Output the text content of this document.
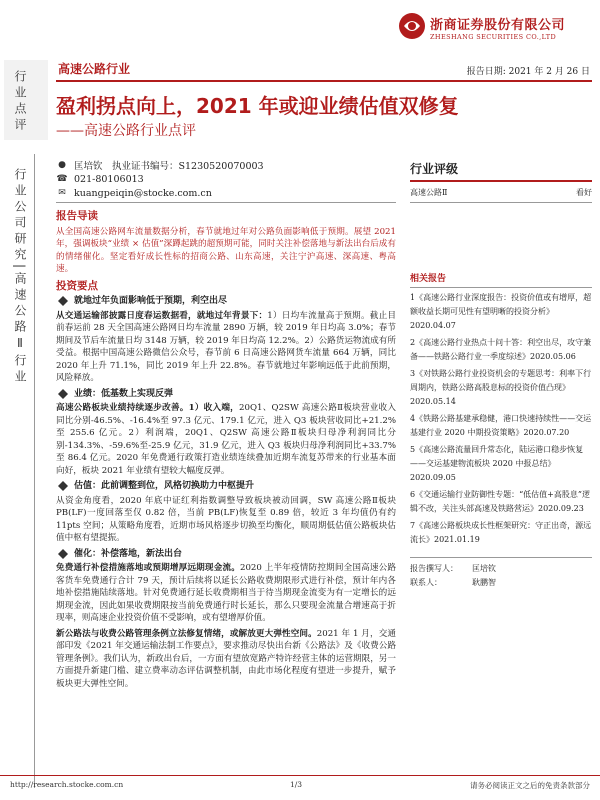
浙商证券股份有限公司
ZHESHANG SECURITIES CO.,LTD
行业点评
行业公司研究|高速公路Ⅱ行业
高速公路行业	报告日期: 2021 年 2 月 26 日
盈利拐点向上，2021 年或迎业绩估值双修复
——高速公路行业点评
● 匡培钦　执业证书编号：S1230520070003
☎ 021-80106013
✉ kuangpeiqin@stocke.com.cn
报告导读
从全国高速公路网车流量数据分析，春节就地过年对公路负面影响低于预期。展望 2021 年，强调板块“业绩 × 估值”深蹲起跳的超预期可能，同时关注补偿落地与新法出台后成有的情绪催化。坚定看好成长性标的招商公路、山东高速，关注宁沪高速、深高速、粤高速。
投资要点
就地过年负面影响低于预期，利空出尽
从交通运输部披露日度春运数据看，就地过年背景下：1）日均车流量高于预期。截止目前春运前 28 天全国高速公路网日均车流量 2890 万辆，较 2019 年日均高 3.0%；春节期间及节后车流量日均 3148 万辆，较 2019 年日均高 12.2%。2）公路货运物流成有所受益。根据中国高速公路微信公众号，春节前 6 日高速公路网货车流量 664 万辆，同比 2020 年上升 71.1%，同比 2019 年上升 22.8%。春节就地过年影响远低于此前预期，风险释放。
业绩：低基数上实现反弹
高速公路板块业绩持续逐步改善。1）收入端，20Q1、Q2SW 高速公路Ⅱ板块营业收入同比分别-46.5%、-16.4%至 97.3 亿元、179.1 亿元，进入 Q3 板块营收同比+21.2%至 255.6 亿元。2）利润端，20Q1、Q2SW 高速公路Ⅱ板块归母净利润同比分别-134.3%、-59.6%至-25.9 亿元，31.9 亿元，进入 Q3 板块归母净利润同比+33.7%至 86.4 亿元。2020 年免费通行政策打造业绩连续叠加近期车流复苏带来的行业基本面向好，板块 2021 年业绩有望较大幅度反弹。
估值：此前调整到位，风格切换助力中枢提升
从资金角度看，2020 年底中证红利指数调整导致板块被动回调，SW 高速公路Ⅱ板块 PB(LF)一度回落至仅 0.82 倍，当前 PB(LF)恢复至 0.89 倍，较近 3 年均值仍有约 11pts 空间；从策略角度看，近期市场风格逐步切换至均衡化，顺周期低估值公路板块估值中枢有望提振。
催化：补偿落地，新法出台
免费通行补偿措施落地或预期增厚远期现金流。2020 上半年疫情防控期间全国高速公路客货车免费通行合计 79 天，预计后续将以延长公路收费期限形式进行补偿，预计年内各地补偿措施陆续落地。针对免费通行延长收费期相当于待当期现金流变为有一定增长的远期现金流，因此如果收费期限按当前免费通行时长延长，那么只要现金流量合增速高于折现率，则高速企业投资价值不受影响，或有望增厚价值。
新公路法与收费公路管理条例立法修复情绪，或解放更大弹性空间。2021 年 1 月，交通部印发《2021 年交通运输法制工作要点》，要求推动尽快出台新《公路法》及《收费公路管理条例》。我们认为，新政出台后，一方面有望放宽路产特许经营主体的运营期限，另一方面提升新建门槛、建立费率动态评估调整机制，由此市场化程度有望进一步提升，赋予板块更大弹性空间。
行业评级
高速公路Ⅱ	看好
相关报告
1《高速公路行业深度报告：投资价值或有增厚，超额收益长期可见性有望明晰的投资分析》2020.04.07
2《高速公路行业热点十问十答：利空出尽，攻守兼备——铁路公路行业一季度综述》2020.05.06
3《对铁路公路行业投资机会的专题思考：利率下行周期内，铁路公路高股息标的投资价值凸现》2020.05.14
4《铁路公路基建承稳健，港口快速持续性——交运基建行业 2020 中期投资策略》2020.07.20
5《高速公路流量回升常态化，陆运港口稳步恢复——交运基建物流板块 2020 中报总结》2020.09.05
6《交通运输行业防御性专题：“低估值+高股息”逻辑不改，关注头部高速及铁路营运》2020.09.23
7《高速公路板块成长性框架研究：守正出奇，源远流长》2021.01.19
报告撰写人：	匡培钦
联系人：	耿鹏智
http://research.stocke.com.cn	1/3	请务必阅读正文之后的免责条款部分
